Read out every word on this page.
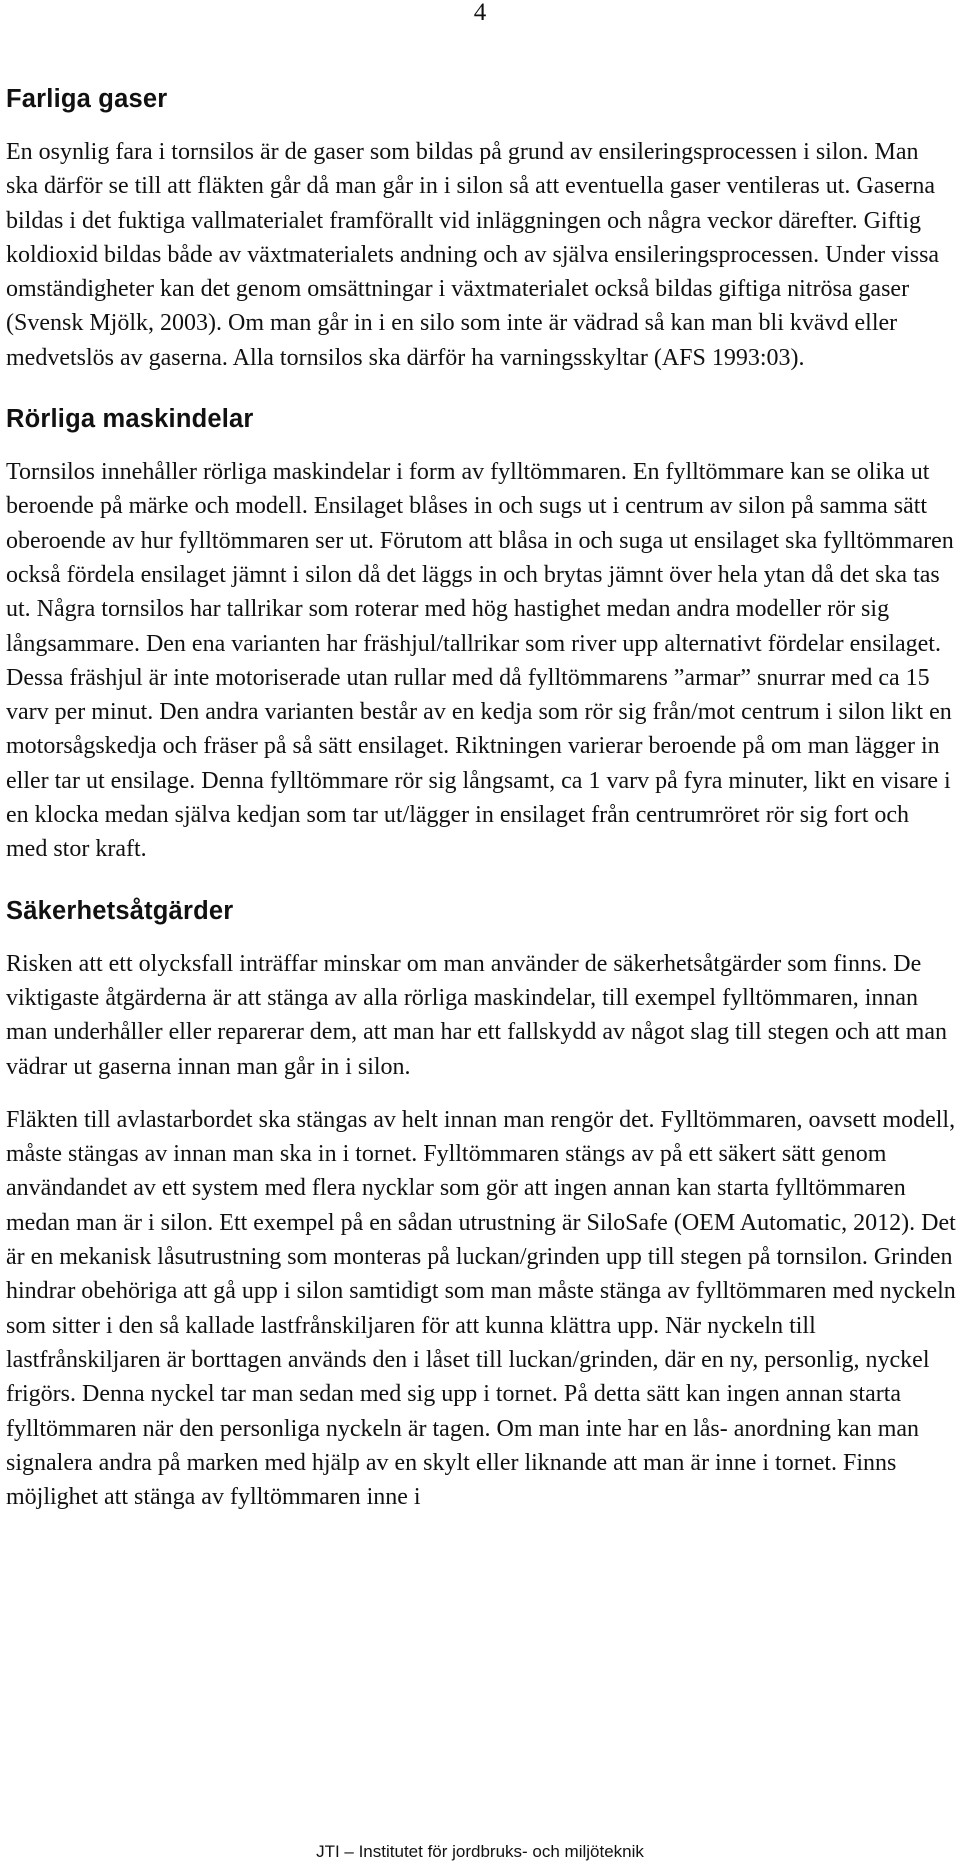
4
Farliga gaser

En osynlig fara i tornsilos är de gaser som bildas på grund av ensileringsprocessen i silon. Man ska därför se till att fläkten går då man går in i silon så att eventuella gaser ventileras ut. Gaserna bildas i det fuktiga vallmaterialet framförallt vid inläggningen och några veckor därefter. Giftig koldioxid bildas både av växtmaterialets andning och av själva ensileringsprocessen. Under vissa omständigheter kan det genom omsättningar i växtmaterialet också bildas giftiga nitrösa gaser (Svensk Mjölk, 2003). Om man går in i en silo som inte är vädrad så kan man bli kvävd eller medvetslös av gaserna. Alla tornsilos ska därför ha varningsskyltar (AFS 1993:03).

Rörliga maskindelar

Tornsilos innehåller rörliga maskindelar i form av fylltömmaren. En fylltömmare kan se olika ut beroende på märke och modell. Ensilaget blåses in och sugs ut i centrum av silon på samma sätt oberoende av hur fylltömmaren ser ut. Förutom att blåsa in och suga ut ensilaget ska fylltömmaren också fördela ensilaget jämnt i silon då det läggs in och brytas jämnt över hela ytan då det ska tas ut. Några tornsilos har tallrikar som roterar med hög hastighet medan andra modeller rör sig långsammare. Den ena varianten har fräshjul/tallrikar som river upp alternativt fördelar ensilaget. Dessa fräshjul är inte motoriserade utan rullar med då fylltömmarens ”armar” snurrar med ca 15 varv per minut. Den andra varianten består av en kedja som rör sig från/mot centrum i silon likt en motorsågskedja och fräser på så sätt ensilaget. Riktningen varierar beroende på om man lägger in eller tar ut ensilage. Denna fylltömmare rör sig långsamt, ca 1 varv på fyra minuter, likt en visare i en klocka medan själva kedjan som tar ut/lägger in ensilaget från centrumröret rör sig fort och med stor kraft.

Säkerhetsåtgärder

Risken att ett olycksfall inträffar minskar om man använder de säkerhetsåtgärder som finns. De viktigaste åtgärderna är att stänga av alla rörliga maskindelar, till exempel fylltömmaren, innan man underhåller eller reparerar dem, att man har ett fallskydd av något slag till stegen och att man vädrar ut gaserna innan man går in i silon.

Fläkten till avlastarbordet ska stängas av helt innan man rengör det. Fylltömmaren, oavsett modell, måste stängas av innan man ska in i tornet. Fylltömmaren stängs av på ett säkert sätt genom användandet av ett system med flera nycklar som gör att ingen annan kan starta fylltömmaren medan man är i silon. Ett exempel på en sådan utrustning är SiloSafe (OEM Automatic, 2012). Det är en mekanisk låsutrustning som monteras på luckan/grinden upp till stegen på tornsilon. Grinden hindrar obehöriga att gå upp i silon samtidigt som man måste stänga av fylltömmaren med nyckeln som sitter i den så kallade lastfrånskiljaren för att kunna klättra upp. När nyckeln till lastfrånskiljaren är borttagen används den i låset till luckan/grinden, där en ny, personlig, nyckel frigörs. Denna nyckel tar man sedan med sig upp i tornet. På detta sätt kan ingen annan starta fylltömmaren när den personliga nyckeln är tagen. Om man inte har en lås- anordning kan man signalera andra på marken med hjälp av en skylt eller liknande att man är inne i tornet. Finns möjlighet att stänga av fylltömmaren inne i

JTI – Institutet för jordbruks- och miljöteknik
